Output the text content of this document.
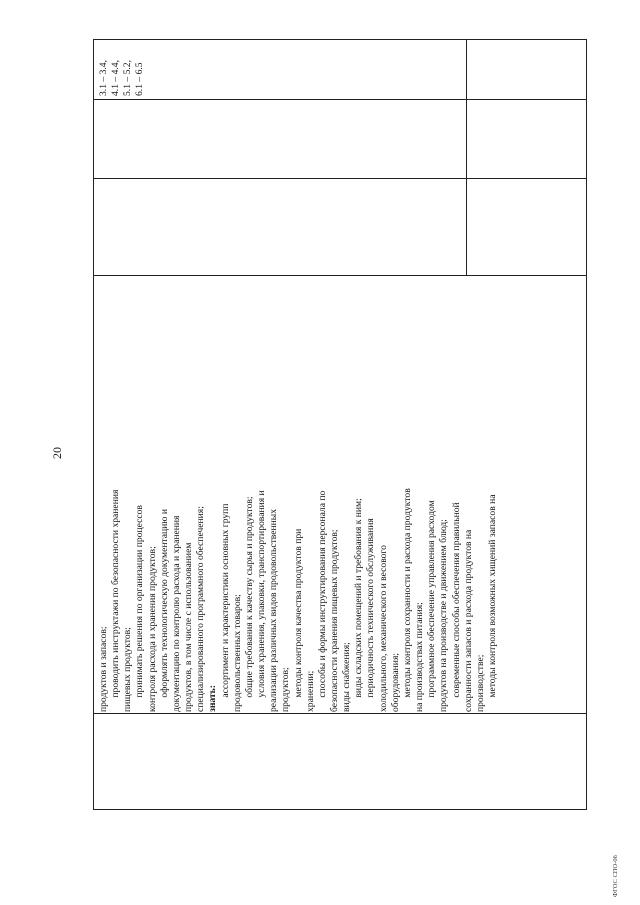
20
продуктов и запасов; проводить инструктажи по безопасности хранения пищевых продуктов; принимать решения по организации процессов контроля расхода и хранения продуктов; оформлять технологическую документацию и документацию по контролю расхода и хранения продуктов, в том числе с использованием специализированного программного обеспечения; знать: ассортимент и характеристики основных групп продовольственных товаров; общие требования к качеству сырья и продуктов; условия хранения, упаковки, транспортирования и реализации различных видов продовольственных продуктов; методы контроля качества продуктов при хранении; способы и формы инструктирования персонала по безопасности хранения пищевых продуктов; виды снабжения; виды складских помещений и требования к ним; периодичность технического обслуживания холодильного, механического и весового оборудования; методы контроля сохранности и расхода продуктов на производствах питания; программное обеспечение управления расходом продуктов на производстве и движением блюд; современные способы обеспечения правильной сохранности запасов и расхода продуктов на производстве; методы контроля возможных хищений запасов на
3.1 – 3.4, 4.1 – 4.4, 5.1 – 5.2, 6.1 – 6.5
ФГОС СПО-06
